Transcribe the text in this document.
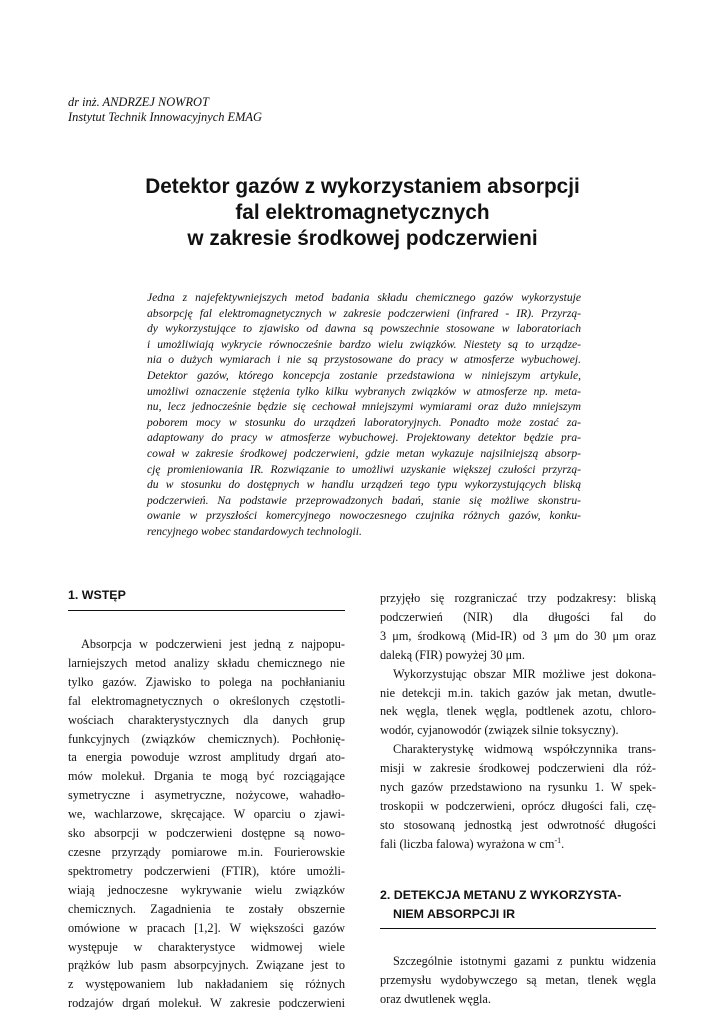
dr inż. ANDRZEJ NOWROT
Instytut Technik Innowacyjnych EMAG
Detektor gazów z wykorzystaniem absorpcji
fal elektromagnetycznych
w zakresie środkowej podczerwieni
Jedna z najefektywniejszych metod badania składu chemicznego gazów wykorzystuje
absorpcję fal elektromagnetycznych w zakresie podczerwieni (infrared - IR). Przyrzą-
dy wykorzystujące to zjawisko od dawna są powszechnie stosowane w laboratoriach
i umożliwiają wykrycie równocześnie bardzo wielu związków. Niestety są to urządze-
nia o dużych wymiarach i nie są przystosowane do pracy w atmosferze wybuchowej.
Detektor gazów, którego koncepcja zostanie przedstawiona w niniejszym artykule,
umożliwi oznaczenie stężenia tylko kilku wybranych związków w atmosferze np. meta-
nu, lecz jednocześnie będzie się cechował mniejszymi wymiarami oraz dużo mniejszym
poborem mocy w stosunku do urządzeń laboratoryjnych. Ponadto może zostać za-
adaptowany do pracy w atmosferze wybuchowej. Projektowany detektor będzie pra-
cował w zakresie środkowej podczerwieni, gdzie metan wykazuje najsilniejszą absorp-
cję promieniowania IR. Rozwiązanie to umożliwi uzyskanie większej czułości przyrzą-
du w stosunku do dostępnych w handlu urządzeń tego typu wykorzystujących bliską
podczerwień. Na podstawie przeprowadzonych badań, stanie się możliwe skonstru-
owanie w przyszłości komercyjnego nowoczesnego czujnika różnych gazów, konku-
rencyjnego wobec standardowych technologii.
1. WSTĘP
Absorpcja w podczerwieni jest jedną z najpopu-
larniejszych metod analizy składu chemicznego nie
tylko gazów. Zjawisko to polega na pochłanianiu
fal elektromagnetycznych o określonych częstotli-
wościach charakterystycznych dla danych grup
funkcyjnych (związków chemicznych). Pochłonię-
ta energia powoduje wzrost amplitudy drgań ato-
mów molekuł. Drgania te mogą być rozciągające
symetryczne i asymetryczne, nożycowe, wahadło-
we, wachlarzowe, skręcające. W oparciu o zjawi-
sko absorpcji w podczerwieni dostępne są nowo-
czesne przyrządy pomiarowe m.in. Fourierowskie
spektrometry podczerwieni (FTIR), które umożli-
wiają jednoczesne wykrywanie wielu związków
chemicznych. Zagadnienia te zostały obszernie
omówione w pracach [1,2]. W większości gazów
występuje w charakterystyce widmowej wiele
prążków lub pasm absorpcyjnych. Związane jest to
z występowaniem lub nakładaniem się różnych
rodzajów drgań molekuł. W zakresie podczerwieni
przyjęło się rozgraniczać trzy podzakresy: bliską
podczerwień (NIR) dla długości fal do
3 μm, środkową (Mid-IR) od 3 μm do 30 μm oraz
daleką (FIR) powyżej 30 μm.
Wykorzystując obszar MIR możliwe jest dokona-
nie detekcji m.in. takich gazów jak metan, dwutle-
nek węgla, tlenek węgla, podtlenek azotu, chloro-
wodór, cyjanowodór (związek silnie toksyczny).
Charakterystykę widmową współczynnika trans-
misji w zakresie środkowej podczerwieni dla róż-
nych gazów przedstawiono na rysunku 1. W spek-
troskopii w podczerwieni, oprócz długości fali, czę-
sto stosowaną jednostką jest odwrotność długości
fali (liczba falowa) wyrażona w $cm^{-1}$.
2. DETEKCJA METANU Z WYKORZYSTA-
NIEM ABSORPCJI IR
Szczególnie istotnymi gazami z punktu widzenia
przemysłu wydobywczego są metan, tlenek węgla
oraz dwutlenek węgla.
